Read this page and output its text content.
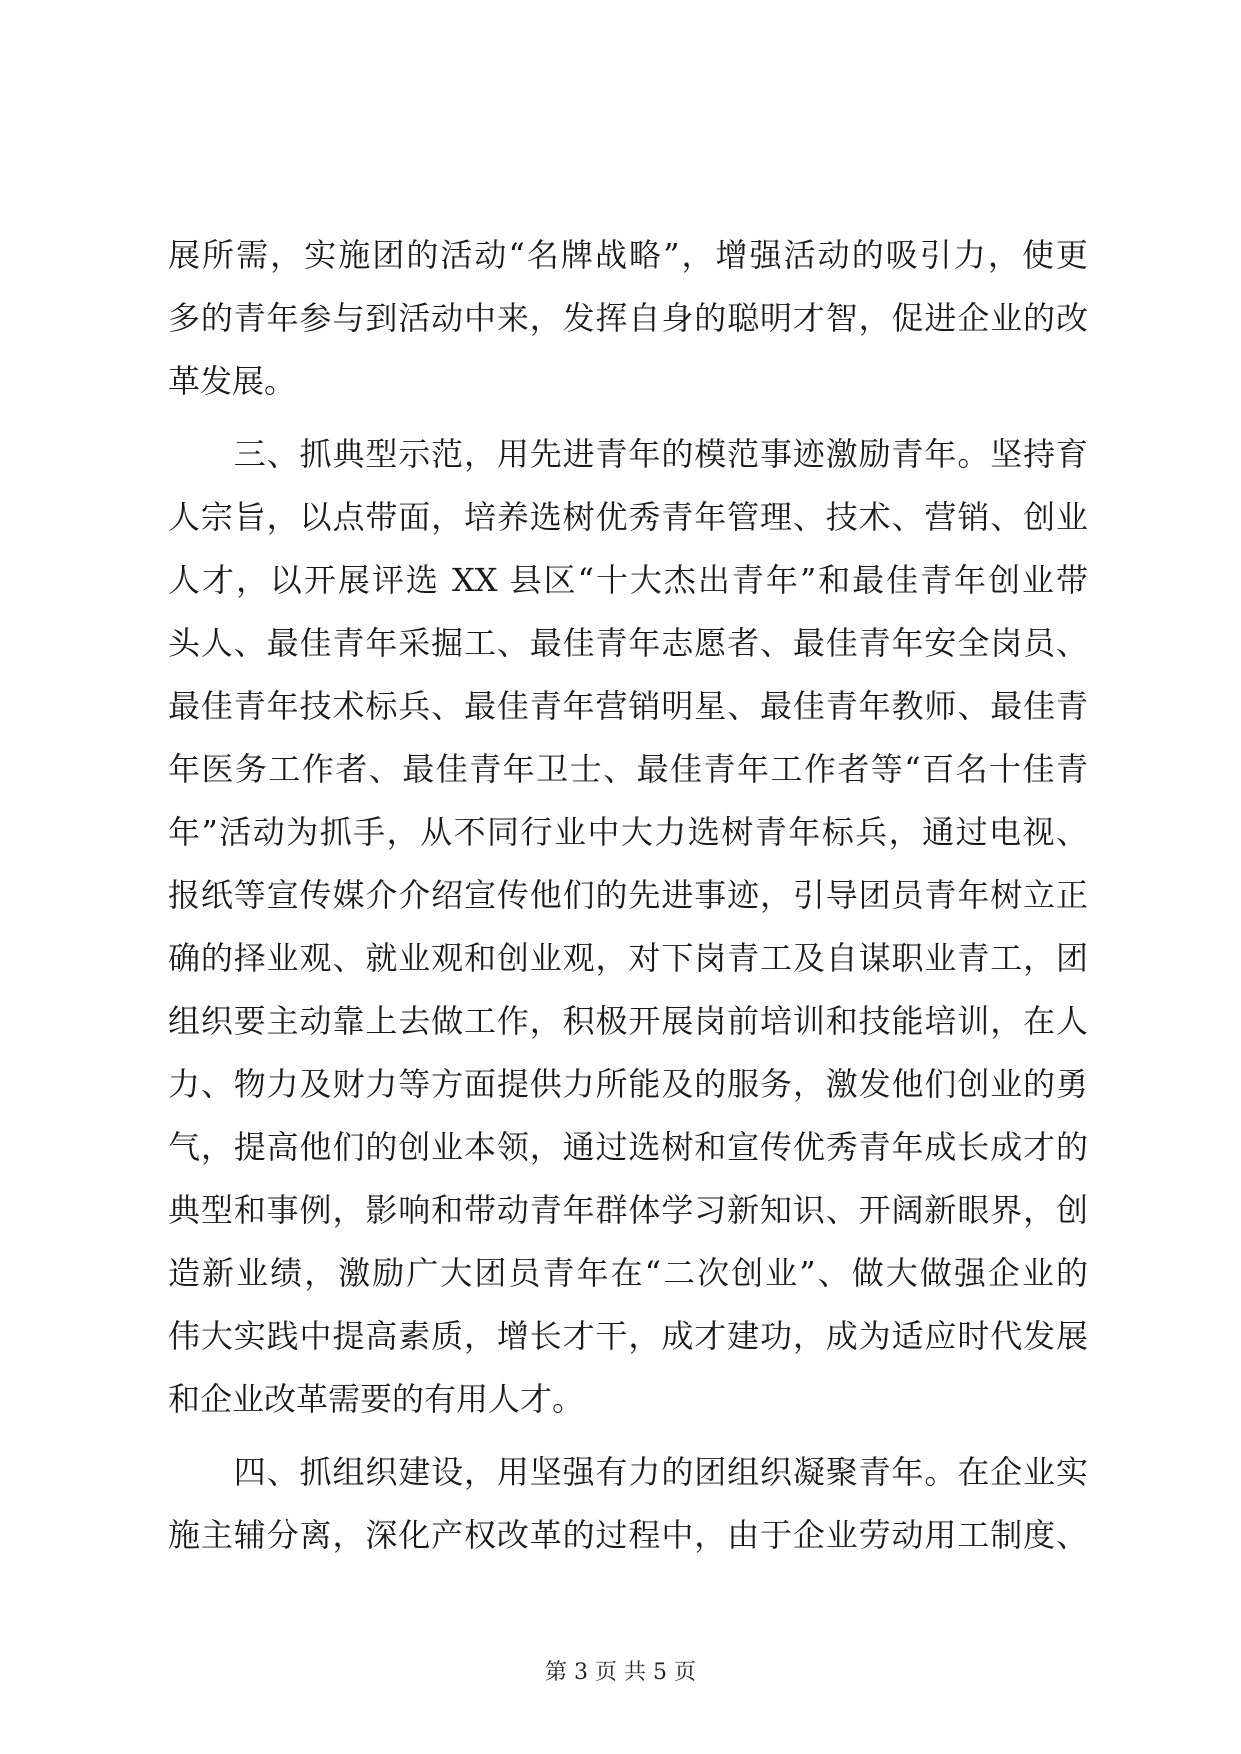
展所需，实施团的活动“名牌战略”，增强活动的吸引力，使更
多的青年参与到活动中来，发挥自身的聪明才智，促进企业的改
革发展。
　　三、抓典型示范，用先进青年的模范事迹激励青年。坚持育
人宗旨，以点带面，培养选树优秀青年管理、技术、营销、创业
人才，以开展评选 XX 县区“十大杰出青年”和最佳青年创业带
头人、最佳青年采掘工、最佳青年志愿者、最佳青年安全岗员、
最佳青年技术标兵、最佳青年营销明星、最佳青年教师、最佳青
年医务工作者、最佳青年卫士、最佳青年工作者等“百名十佳青
年”活动为抓手，从不同行业中大力选树青年标兵，通过电视、
报纸等宣传媒介介绍宣传他们的先进事迹，引导团员青年树立正
确的择业观、就业观和创业观，对下岗青工及自谋职业青工，团
组织要主动靠上去做工作，积极开展岗前培训和技能培训，在人
力、物力及财力等方面提供力所能及的服务，激发他们创业的勇
气，提高他们的创业本领，通过选树和宣传优秀青年成长成才的
典型和事例，影响和带动青年群体学习新知识、开阔新眼界，创
造新业绩，激励广大团员青年在“二次创业”、做大做强企业的
伟大实践中提高素质，增长才干，成才建功，成为适应时代发展
和企业改革需要的有用人才。
　　四、抓组织建设，用坚强有力的团组织凝聚青年。在企业实
施主辅分离，深化产权改革的过程中，由于企业劳动用工制度、
第 3 页 共 5 页
